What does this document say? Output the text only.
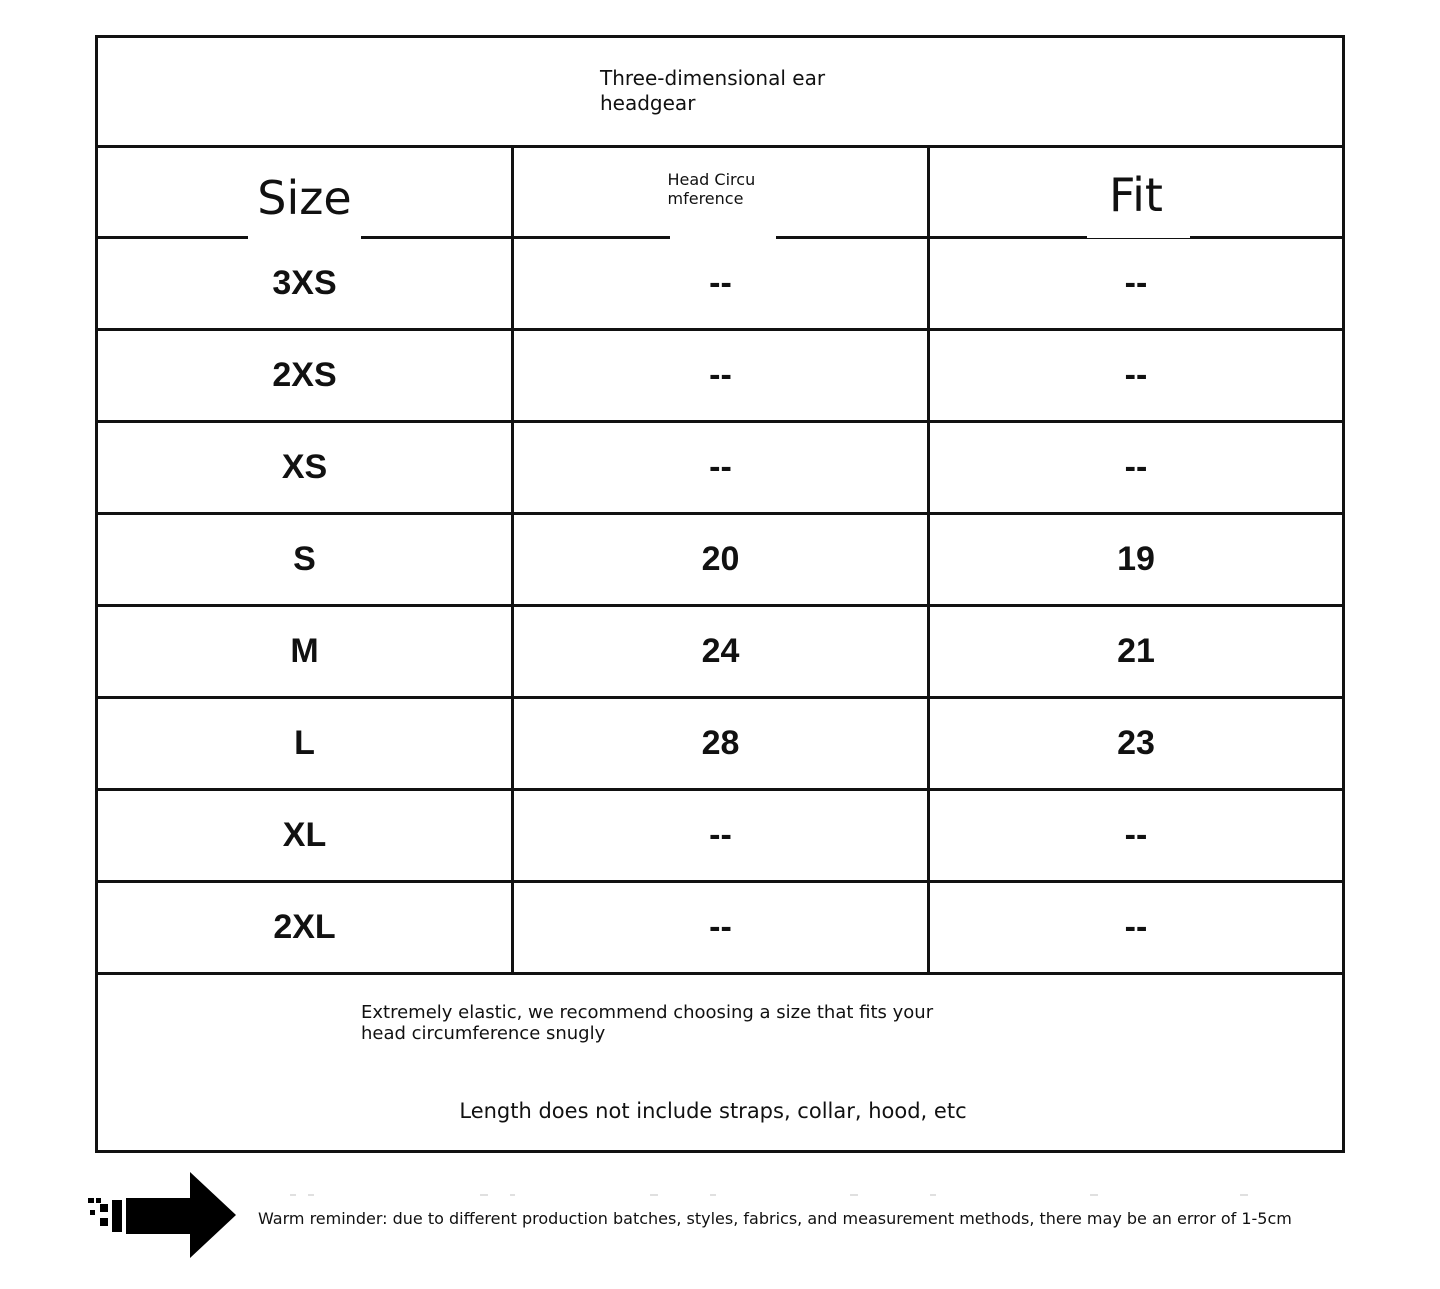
Three-dimensional ear headgear
Size	Head Circu mference	Fit
3XS	--	--
2XS	--	--
XS	--	--
S	20	19
M	24	21
L	28	23
XL	--	--
2XL	--	--
Extremely elastic, we recommend choosing a size that fits your head circumference snugly
Length does not include straps, collar, hood, etc
Warm reminder: due to different production batches, styles, fabrics, and measurement methods, there may be an error of 1-5cm
